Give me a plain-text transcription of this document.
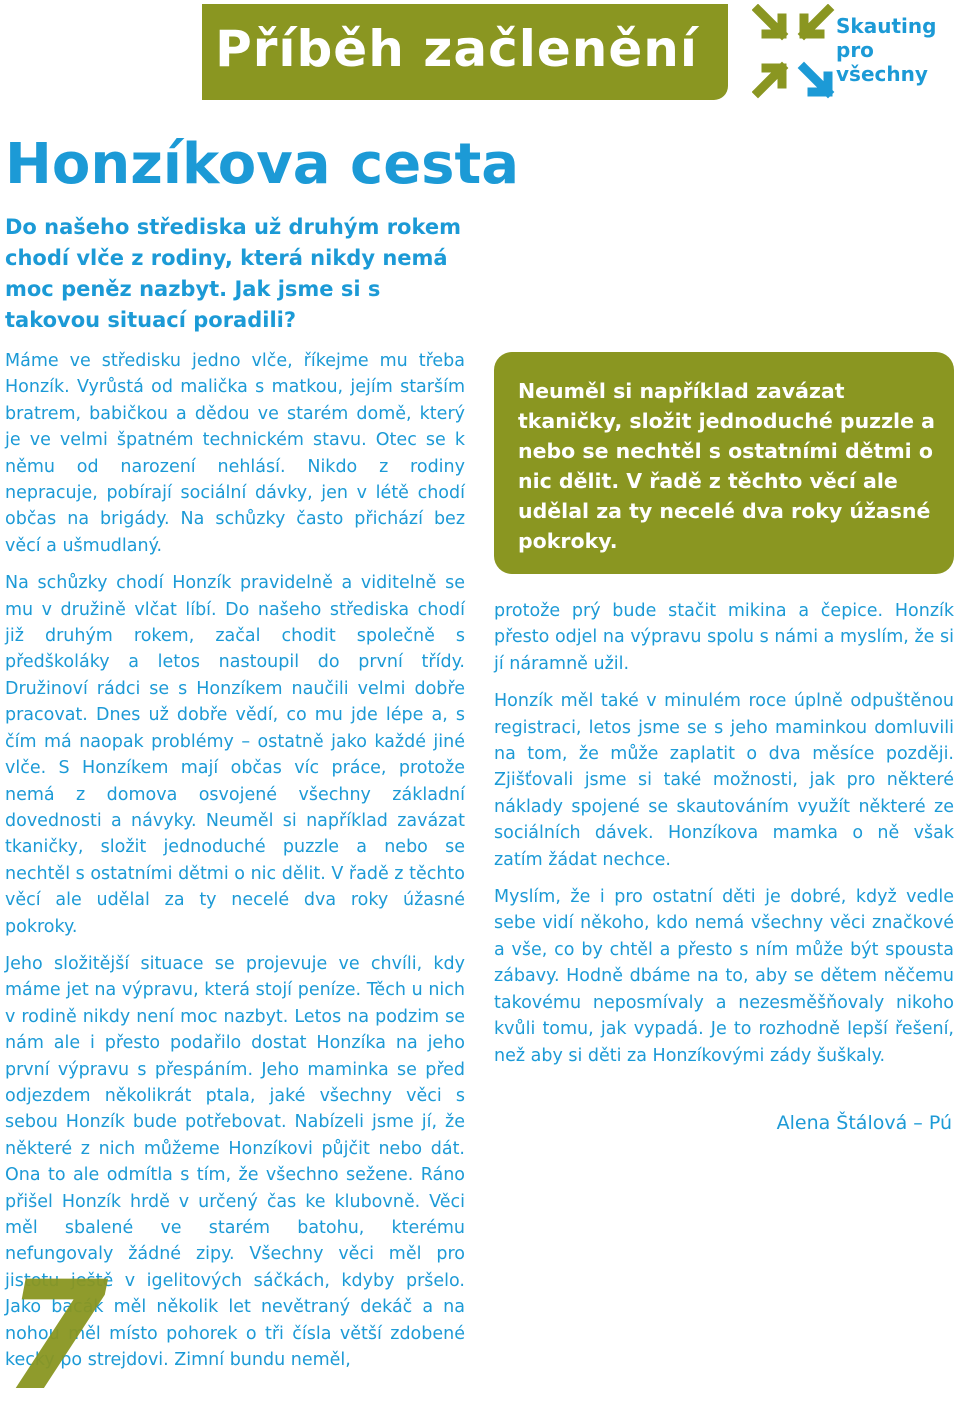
Příběh začlenění	Skauting
pro všechny
Honzíkova cesta
Do našeho střediska už druhým rokem chodí vlče z rodiny, která nikdy nemá moc peněz nazbyt. Jak jsme si s takovou situací poradili?

Máme ve středisku jedno vlče, říkejme mu třeba Honzík. Vyrůstá od malička s matkou, jejím starším bratrem, babičkou a dědou ve starém domě, který je ve velmi špatném technickém stavu. Otec se k němu od narození nehlásí. Nikdo z rodiny nepracuje, pobírají sociální dávky, jen v létě chodí občas na brigády. Na schůzky často přichází bez věcí a ušmudlaný.

Na schůzky chodí Honzík pravidelně a viditelně se mu v družině vlčat líbí. Do našeho střediska chodí již druhým rokem, začal chodit společně s předškoláky a letos nastoupil do první třídy. Družinoví rádci se s Honzíkem naučili velmi dobře pracovat. Dnes už dobře vědí, co mu jde lépe a, s čím má naopak problémy – ostatně jako každé jiné vlče. S Honzíkem mají občas víc práce, protože nemá z domova osvojené všechny základní dovednosti a návyky. Neuměl si například zavázat tkaničky, složit jednoduché puzzle a nebo se nechtěl s ostatními dětmi o nic dělit. V řadě z těchto věcí ale udělal za ty necelé dva roky úžasné pokroky.

Jeho složitější situace se projevuje ve chvíli, kdy máme jet na výpravu, která stojí peníze. Těch u nich v rodině nikdy není moc nazbyt. Letos na podzim se nám ale i přesto podařilo dostat Honzíka na jeho první výpravu s přespáním. Jeho maminka se před odjezdem několikrát ptala, jaké všechny věci s sebou Honzík bude potřebovat. Nabízeli jsme jí, že některé z nich můžeme Honzíkovi půjčit nebo dát. Ona to ale odmítla s tím, že všechno sežene. Ráno přišel Honzík hrdě v určený čas ke klubovně. Věci měl sbalené ve starém batohu, kterému nefungovaly žádné zipy. Všechny věci měl pro jistotu ještě v igelitových sáčkách, kdyby pršelo. Jako bacák měl několik let nevětraný dekáč a na nohou měl místo pohorek o tři čísla větší zdobené kecky po strejdovi. Zimní bundu neměl,

Neuměl si například zavázat tkaničky, složit jednoduché puzzle a nebo se nechtěl s ostatními dětmi o nic dělit. V řadě z těchto věcí ale udělal za ty necelé dva roky úžasné pokroky.

protože prý bude stačit mikina a čepice. Honzík přesto odjel na výpravu spolu s námi a myslím, že si jí náramně užil.

Honzík měl také v minulém roce úplně odpuštěnou registraci, letos jsme se s jeho maminkou domluvili na tom, že může zaplatit o dva měsíce později. Zjišťovali jsme si také možnosti, jak pro některé náklady spojené se skautováním využít některé ze sociálních dávek. Honzíkova mamka o ně však zatím žádat nechce.

Myslím, že i pro ostatní děti je dobré, když vedle sebe vidí někoho, kdo nemá všechny věci značkové a vše, co by chtěl a přesto s ním může být spousta zábavy. Hodně dbáme na to, aby se dětem něčemu takovému neposmívaly a nezesměšňovaly nikoho kvůli tomu, jak vypadá. Je to rozhodně lepší řešení, než aby si děti za Honzíkovými zády šuškaly.

Alena Štálová – Pú
7
